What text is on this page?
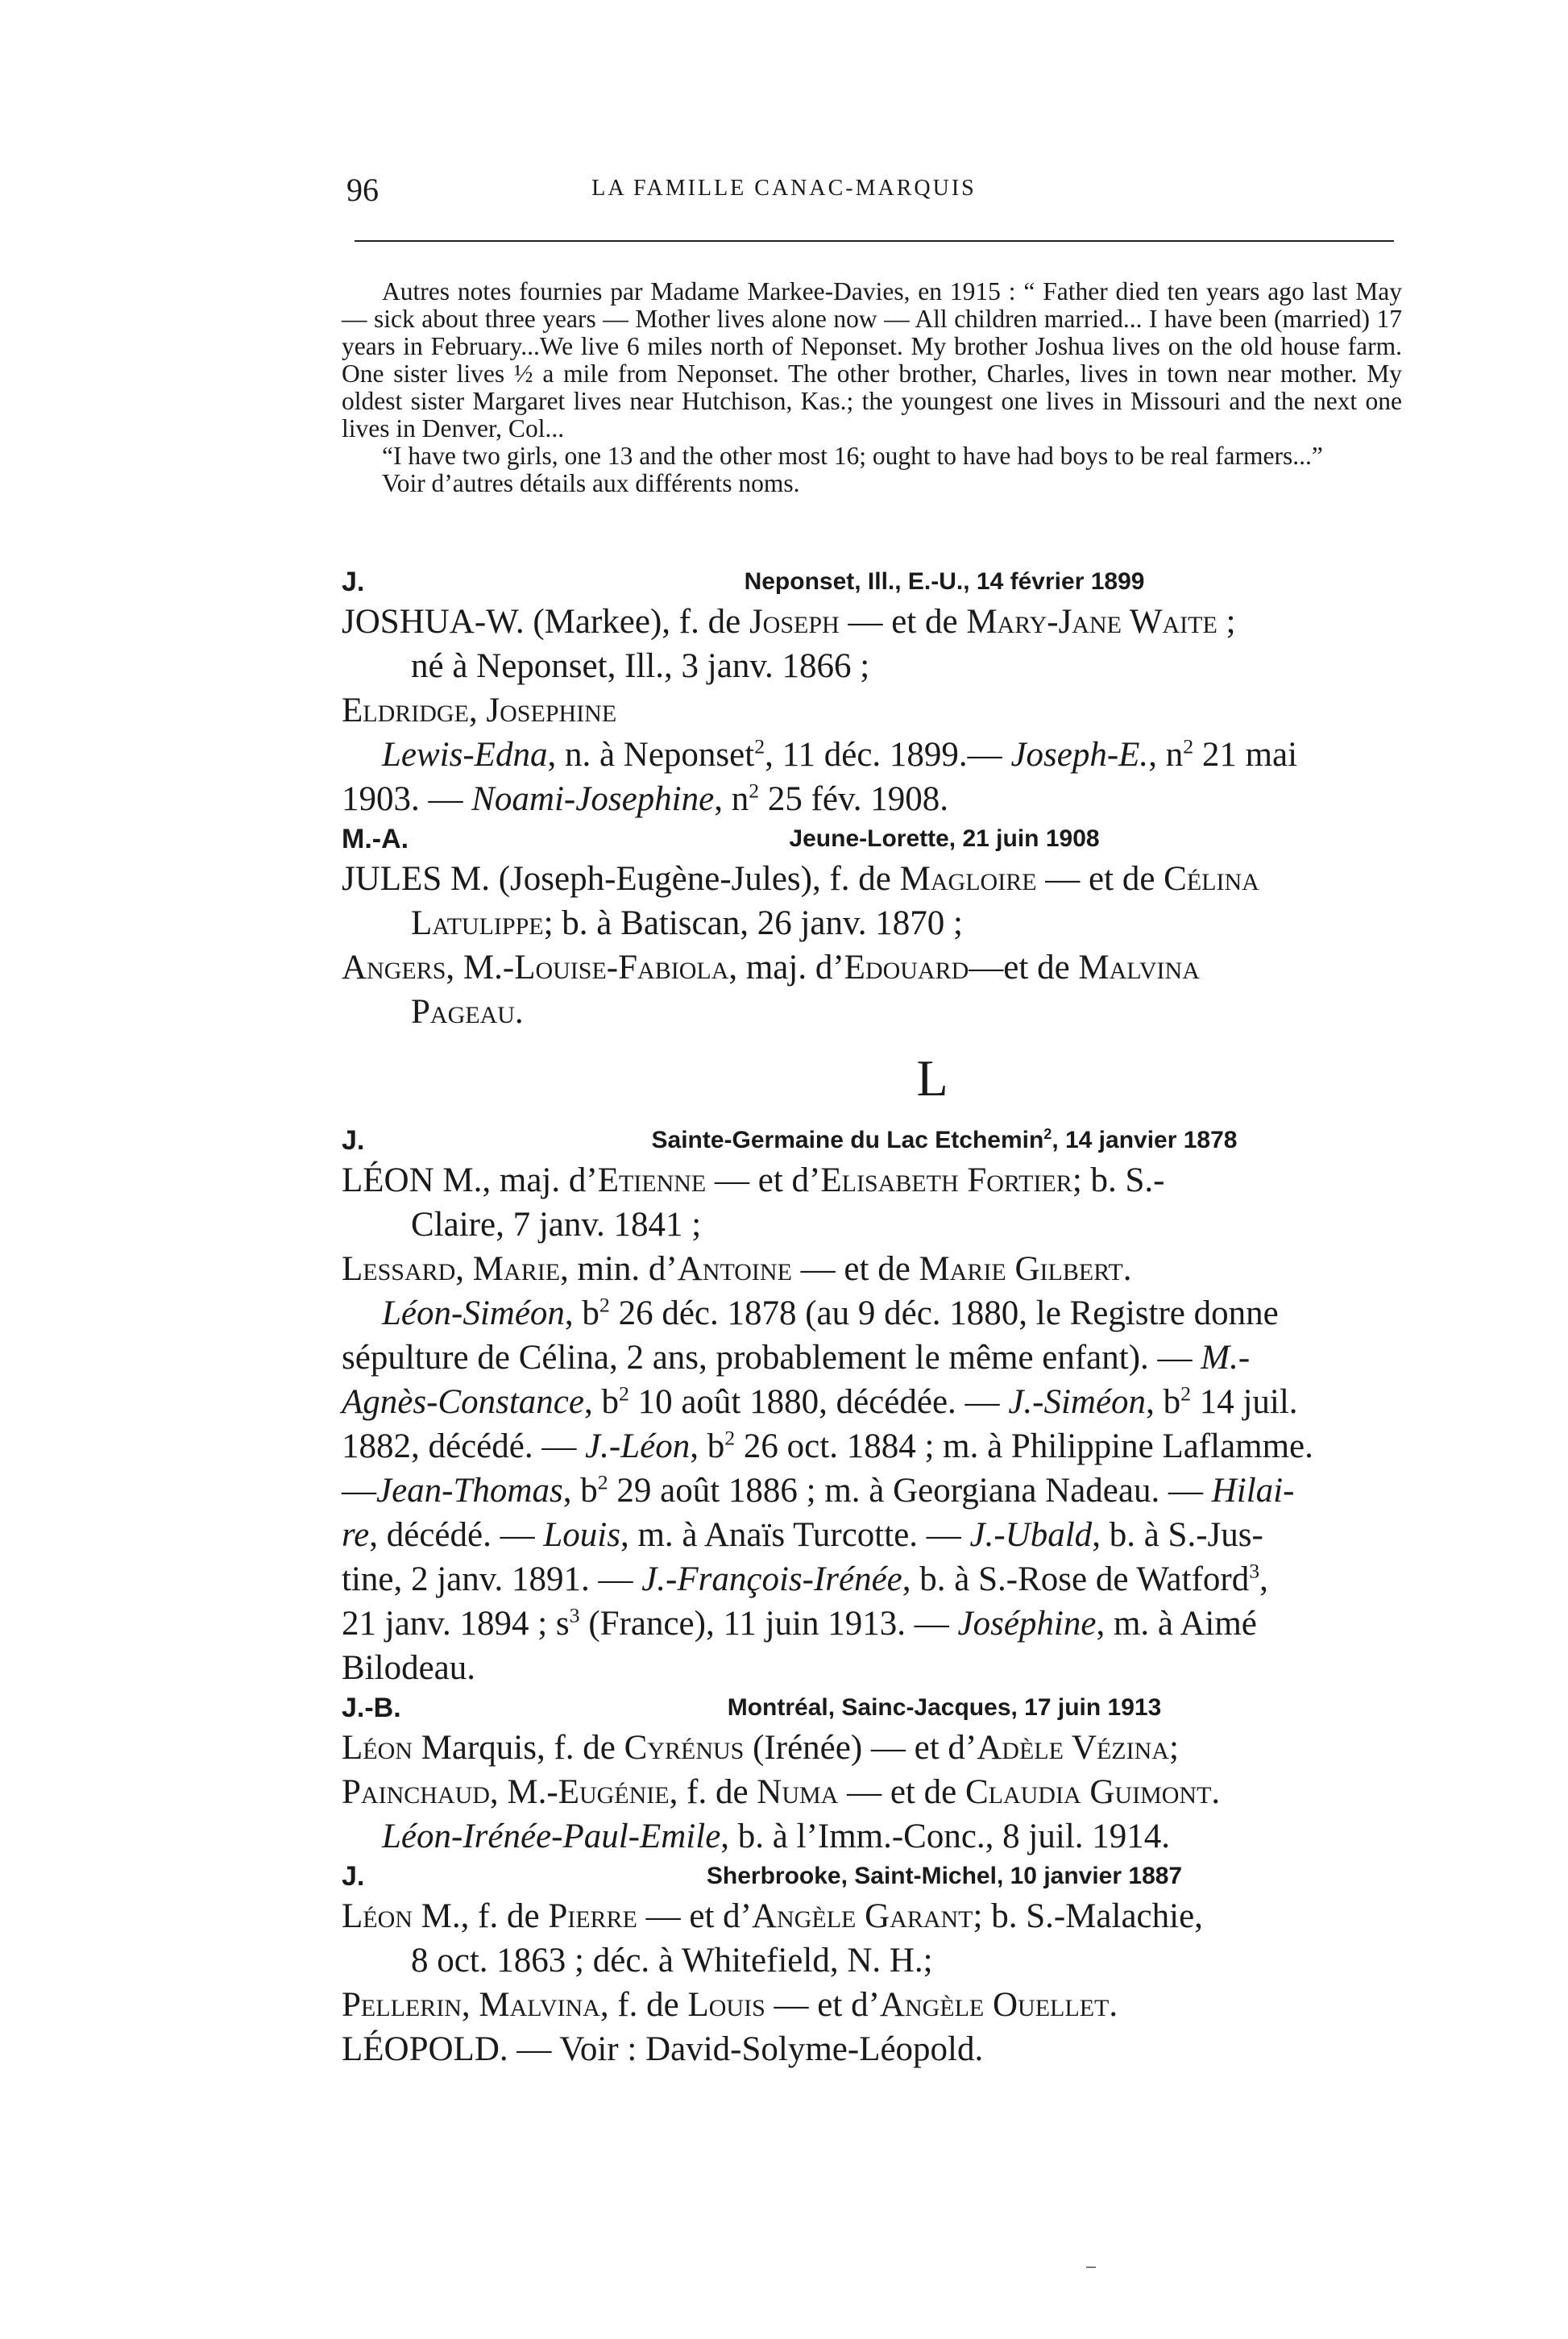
96	LA FAMILLE CANAC-MARQUIS

Autres notes fournies par Madame Markee-Davies, en 1915 : “ Father died ten years ago last May — sick about three years — Mother lives alone now — All children married... I have been (married) 17 years in February...We live 6 miles north of Neponset. My brother Joshua lives on the old house farm. One sister lives ½ a mile from Neponset. The other brother, Charles, lives in town near mother. My oldest sister Margaret lives near Hutchison, Kas.; the youngest one lives in Missouri and the next one lives in Denver, Col...

“I have two girls, one 13 and the other most 16; ought to have had boys to be real farmers...”

Voir d’autres détails aux différents noms.

J.	Neponset, Ill., E.-U., 14 février 1899
JOSHUA-W. (Markee), f. de Joseph — et de Mary-Jane Waite ;
né à Neponset, Ill., 3 janv. 1866 ;
Eldridge, Josephine
Lewis-Edna, n. à Neponset$^2$, 11 déc. 1899.— Joseph-E., $n^2$ 21 mai
1903. — Noami-Josephine, $n^2$ 25 fév. 1908.
M.-A.	Jeune-Lorette, 21 juin 1908
JULES M. (Joseph-Eugène-Jules), f. de Magloire — et de Célina
Latulippe; b. à Batiscan, 26 janv. 1870 ;
Angers, M.-Louise-Fabiola, maj. d’Edouard—et de Malvina
Pageau.
L
J.	Sainte-Germaine du Lac Etchemin$^2$, 14 janvier 1878
LÉON M., maj. d’Etienne — et d’Elisabeth Fortier; b. S.-
Claire, 7 janv. 1841 ;
Lessard, Marie, min. d’Antoine — et de Marie Gilbert.
Léon-Siméon, $b^2$ 26 déc. 1878 (au 9 déc. 1880, le Registre donne
sépulture de Célina, 2 ans, probablement le même enfant). — M.-
Agnès-Constance, $b^2$ 10 août 1880, décédée. — J.-Siméon, $b^2$ 14 juil.
1882, décédé. — J.-Léon, $b^2$ 26 oct. 1884 ; m. à Philippine Laflamme.
—Jean-Thomas, $b^2$ 29 août 1886 ; m. à Georgiana Nadeau. — Hilai-
re, décédé. — Louis, m. à Anaïs Turcotte. — J.-Ubald, b. à S.-Jus-
tine, 2 janv. 1891. — J.-François-Irénée, b. à S.-Rose de Watford$^3$,
21 janv. 1894 ; $s^3$ (France), 11 juin 1913. — Joséphine, m. à Aimé
Bilodeau.
J.-B.	Montréal, Sainc-Jacques, 17 juin 1913
Léon Marquis, f. de Cyrénus (Irénée) — et d’Adèle Vézina;
Painchaud, M.-Eugénie, f. de Numa — et de Claudia Guimont.
Léon-Irénée-Paul-Emile, b. à l’Imm.-Conc., 8 juil. 1914.
J.	Sherbrooke, Saint-Michel, 10 janvier 1887
Léon M., f. de Pierre — et d’Angèle Garant; b. S.-Malachie,
8 oct. 1863 ; déc. à Whitefield, N. H.;
Pellerin, Malvina, f. de Louis — et d’Angèle Ouellet.
LÉOPOLD. — Voir : David-Solyme-Léopold.
